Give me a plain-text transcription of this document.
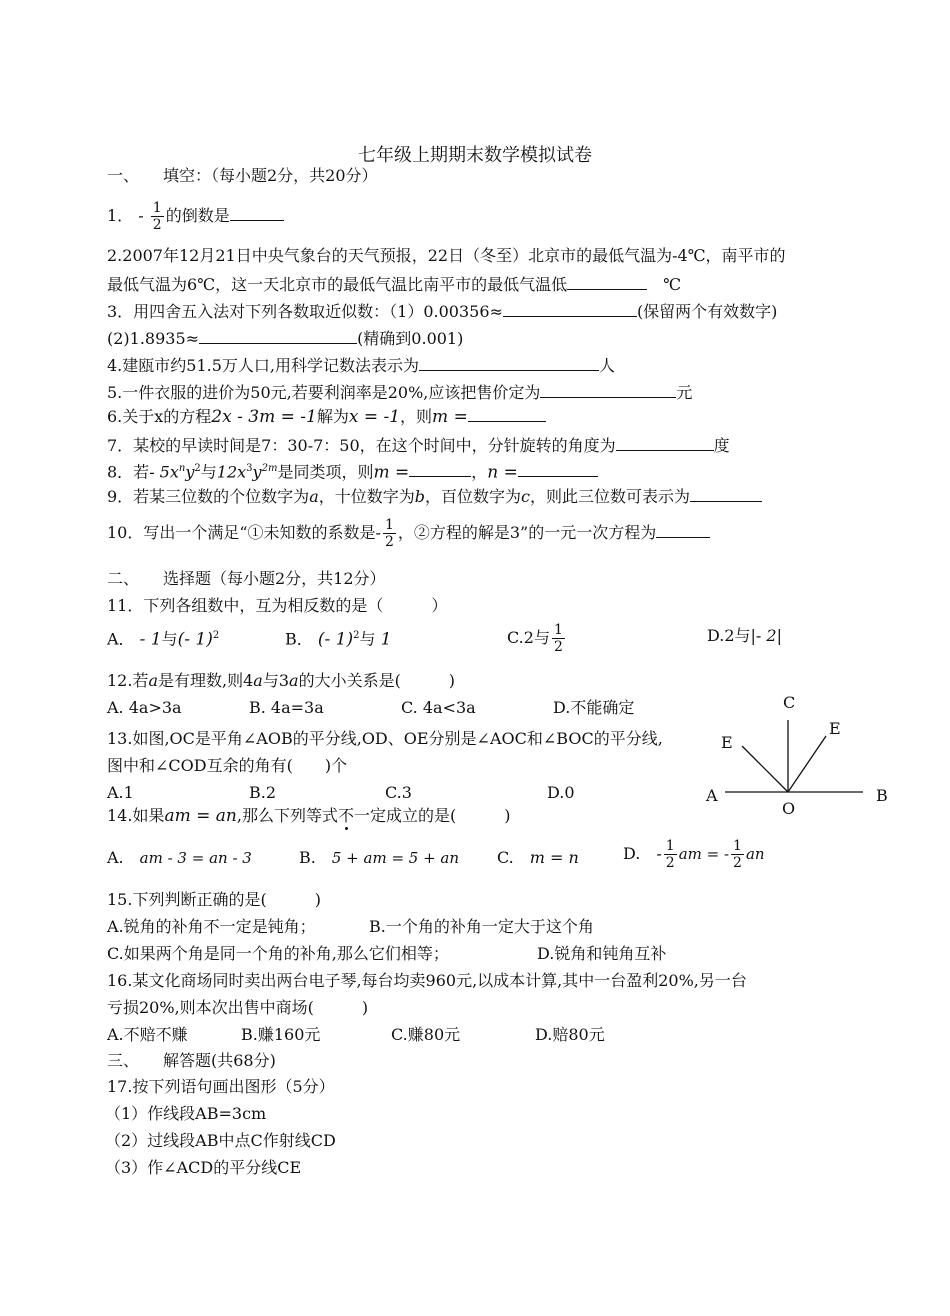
七年级上期期末数学模拟试卷
一、　　填空：（每小题2分，共20分）
1． - $\frac{1}{2}$ 的倒数是
2.2007年12月21日中央气象台的天气预报，22日（冬至）北京市的最低气温为-4℃，南平市的
最低气温为6℃，这一天北京市的最低气温比南平市的最低气温低　	℃
3．用四舍五入法对下列各数取近似数：（1）0.00356≈	(保留两个有效数字)
(2)1.8935≈	(精确到0.001)
4.建瓯市约51.5万人口,用科学记数法表示为	人
5.一件衣服的进价为50元,若要利润率是20%,应该把售价定为	元
6.关于x的方程2x - 3m = -1解为x = -1，则m =
7．某校的早读时间是7：30-7：50，在这个时间中，分针旋转的角度为	度
8．若- $5x^ny^2$与$12x^3y^{2m}$是同类项，则m =	，n =
9．若某三位数的个位数字为a，十位数字为b，百位数字为c，则此三位数可表示为
10．写出一个满足“①未知数的系数是- $\frac{1}{2}$ ，②方程的解是3”的一元一次方程为
二、　　选择题（每小题2分，共12分）
11．下列各组数中，互为相反数的是（　　　）
A． - 1与(- 1)$^2$	B． (- 1)$^2$与 1	C.2与 $\frac{1}{2}$	D.2与|- 2|
12.若a是有理数,则4a与3a的大小关系是(　　　)
A. 4a>3a	B. 4a=3a	C. 4a<3a	D.不能确定
13.如图,OC是平角∠AOB的平分线,OD、OE分别是∠AOC和∠BOC的平分线,
图中和∠COD互余的角有(　　)个
A.1	B.2	C.3	D.0
C
E
E
A
O
B
14.如果am = an,那么下列等式不一定成立的是(　　　)
A.　 am - 3 = an - 3	B.　 5 + am = 5 + an C.　 m = n	D.　 - $\frac{1}{2}$ am = - $\frac{1}{2}$ an
15.下列判断正确的是(　　　)
A.锐角的补角不一定是钝角；	B.一个角的补角一定大于这个角
C.如果两个角是同一个角的补角,那么它们相等；	D.锐角和钝角互补
16.某文化商场同时卖出两台电子琴,每台均卖960元,以成本计算,其中一台盈利20%,另一台
亏损20%,则本次出售中商场(　　　)
A.不赔不赚	B.赚160元	C.赚80元	D.赔80元
三、　　解答题(共68分)
17.按下列语句画出图形（5分）
（1）作线段AB=3cm
（2）过线段AB中点C作射线CD
（3）作∠ACD的平分线CE
